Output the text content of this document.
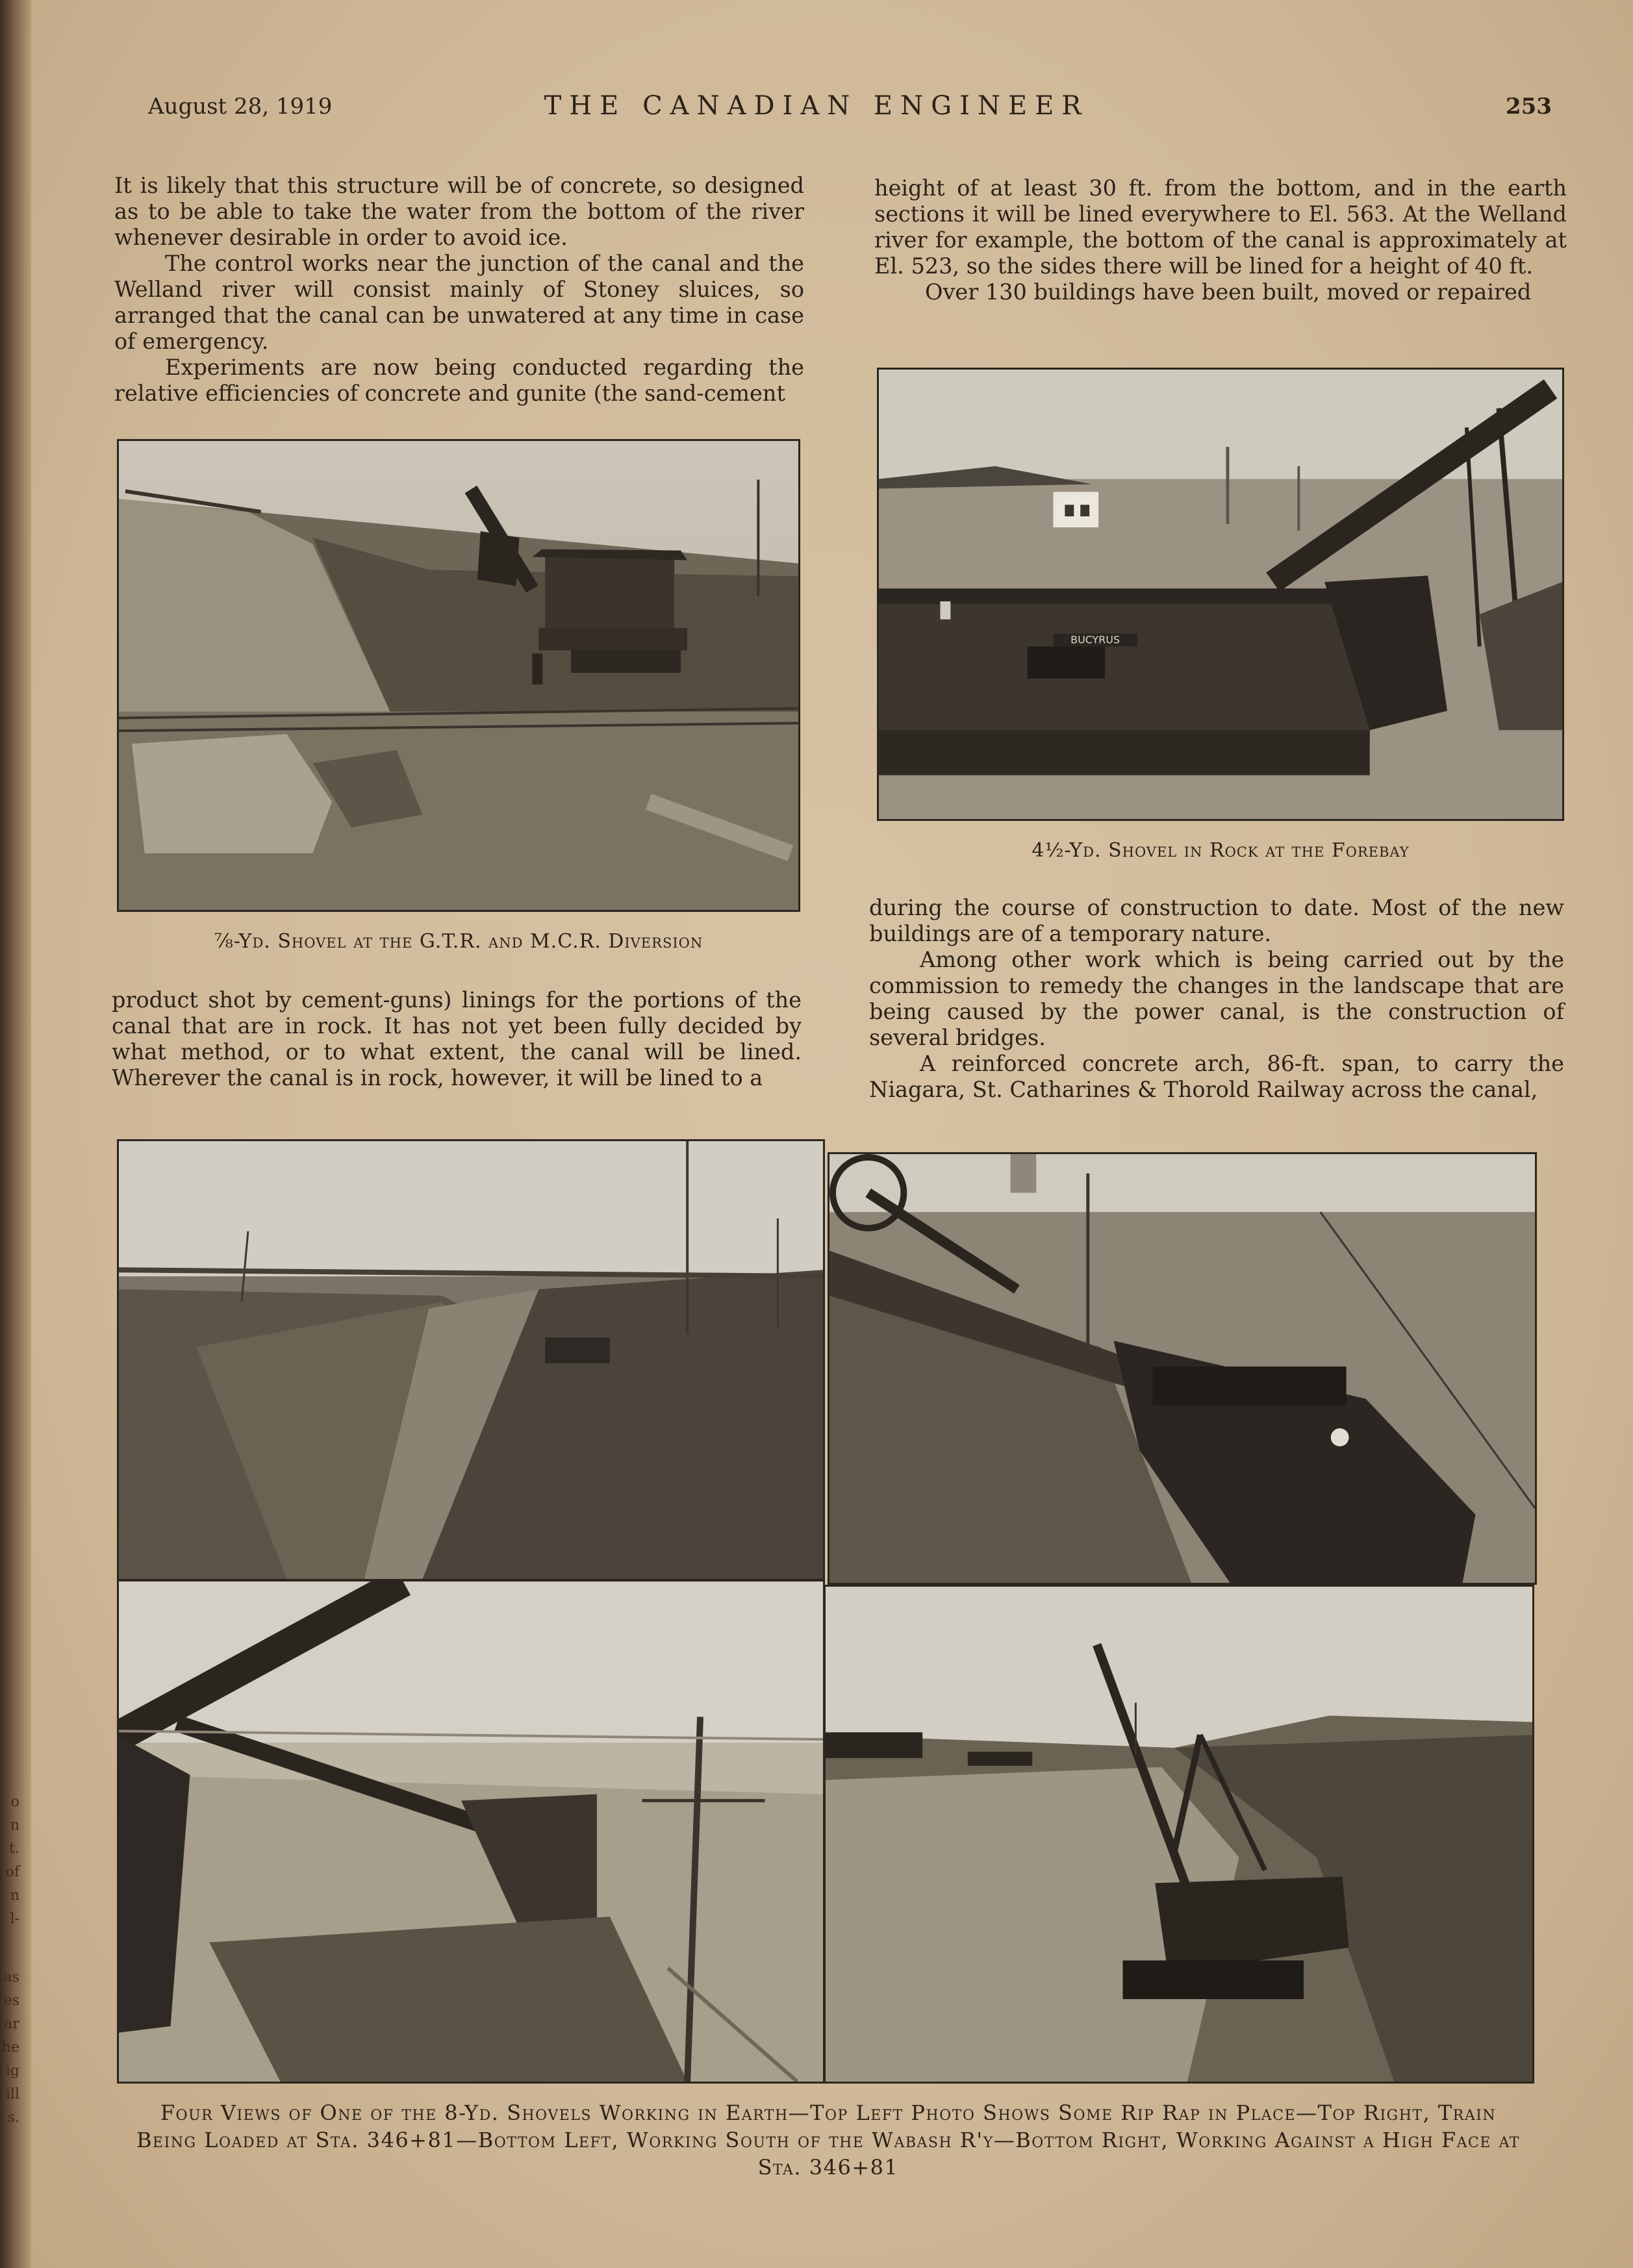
o
n
t.
of
n
l-
as
es
ar
he
ig
ill
s.
August 28, 1919	THE CANADIAN ENGINEER	253

It is likely that this structure will be of concrete, so designed as to be able to take the water from the bottom of the river whenever desirable in order to avoid ice.

The control works near the junction of the canal and the Welland river will consist mainly of Stoney sluices, so arranged that the canal can be unwatered at any time in case of emergency.

Experiments are now being conducted regarding the relative efficiencies of concrete and gunite (the sand-cement

height of at least 30 ft. from the bottom, and in the earth sections it will be lined everywhere to El. 563. At the Welland river for example, the bottom of the canal is approximately at El. 523, so the sides there will be lined for a height of 40 ft.

Over 130 buildings have been built, moved or repaired

⅞-Yd. Shovel at the G.T.R. and M.C.R. Diversion
BUCYRUS
4½-Yd. Shovel in Rock at the Forebay

product shot by cement-guns) linings for the portions of the canal that are in rock. It has not yet been fully decided by what method, or to what extent, the canal will be lined. Wherever the canal is in rock, however, it will be lined to a

during the course of construction to date. Most of the new buildings are of a temporary nature.

Among other work which is being carried out by the commission to remedy the changes in the landscape that are being caused by the power canal, is the construction of several bridges.

A reinforced concrete arch, 86-ft. span, to carry the Niagara, St. Catharines & Thorold Railway across the canal,

Four Views of One of the 8-Yd. Shovels Working in Earth—Top Left Photo Shows Some Rip Rap in Place—Top Right, Train Being Loaded at Sta. 346+81—Bottom Left, Working South of the Wabash R'y—Bottom Right, Working Against a High Face at Sta. 346+81
